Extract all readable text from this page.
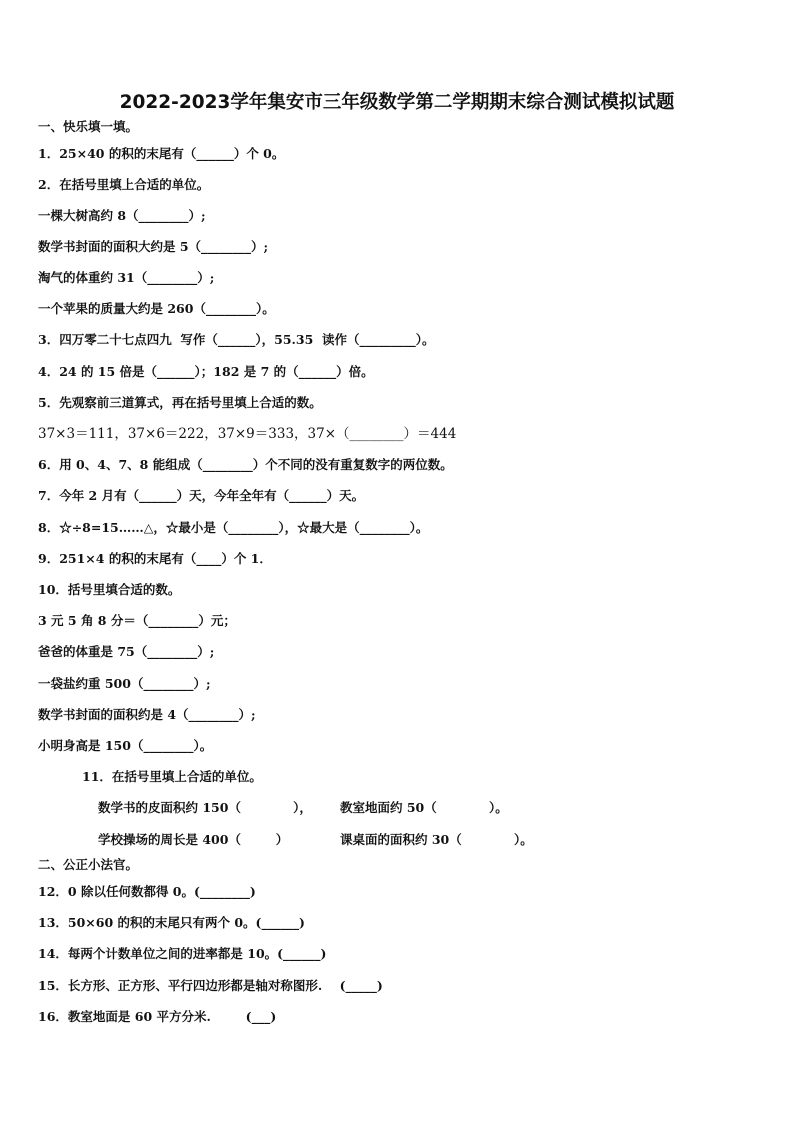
2022-2023学年集安市三年级数学第二学期期末综合测试模拟试题
一、快乐填一填。
1．25×40 的积的末尾有（______）个 0。
2．在括号里填上合适的单位。
一棵大树高约 8（________）;
数学书封面的面积大约是 5（________）;
淘气的体重约 31（________）;
一个苹果的质量大约是 260（________）。
3．四万零二十七点四九  写作（______），55.35  读作（_________）。
4．24 的 15 倍是（______）；182 是 7 的（______）倍。
5．先观察前三道算式，再在括号里填上合适的数。
37×3＝111，37×6＝222，37×9＝333，37×（________）＝444
6．用 0、4、7、8 能组成（________）个不同的没有重复数字的两位数。
7．今年 2 月有（______）天，今年全年有（______）天。
8．☆÷8=15……△，☆最小是（________），☆最大是（________）。
9．251×4 的积的末尾有（____）个 1．
10．括号里填合适的数。
3 元 5 角 8 分＝（________）元；
爸爸的体重是 75（________）;
一袋盐约重 500（________）;
数学书封面的面积约是 4（________）;
小明身高是 150（________）。
11．在括号里填上合适的单位。
数学书的皮面积约 150（            ）， 教室地面约 50（            ）。
学校操场的周长是 400（        ）	课桌面的面积约 30（            ）。
二、公正小法官。
12．0 除以任何数都得 0。(________)
13．50×60 的积的末尾只有两个 0。(______)
14．每两个计数单位之间的进率都是 10。(______)
15．长方形、正方形、平行四边形都是轴对称图形.    (_____)
16．教室地面是 60 平方分米.        (___)
